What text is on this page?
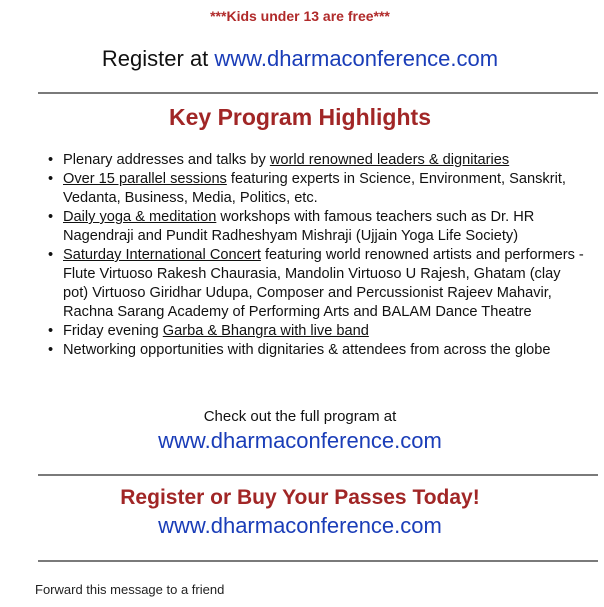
***Kids under 13 are free***
Register at www.dharmaconference.com
Key Program Highlights
• Plenary addresses and talks by world renowned leaders & dignitaries
• Over 15 parallel sessions featuring experts in Science, Environment, Sanskrit, Vedanta, Business, Media, Politics, etc.
• Daily yoga & meditation workshops with famous teachers such as Dr. HR Nagendraji and Pundit Radheshyam Mishraji (Ujjain Yoga Life Society)
• Saturday International Concert featuring world renowned artists and performers - Flute Virtuoso Rakesh Chaurasia, Mandolin Virtuoso U Rajesh, Ghatam (clay pot) Virtuoso Giridhar Udupa, Composer and Percussionist Rajeev Mahavir, Rachna Sarang Academy of Performing Arts and BALAM Dance Theatre
• Friday evening Garba & Bhangra with live band
• Networking opportunities with dignitaries & attendees from across the globe
Check out the full program at
www.dharmaconference.com
Register or Buy Your Passes Today!
www.dharmaconference.com
Forward this message to a friend
